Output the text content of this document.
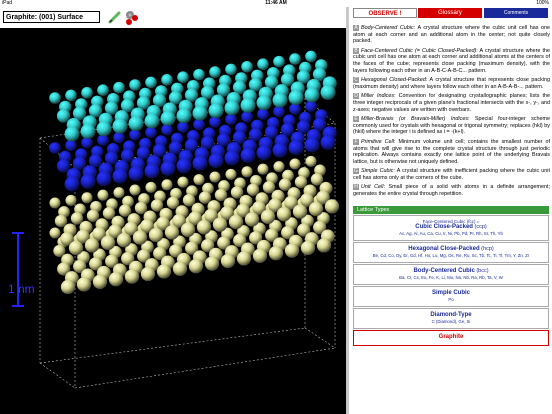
iPad	11:46 AM	100%
Graphite: (001) Surface
1 nm
OBSERVE !	Glossary	Comments
A Body-Centered Cubic: A crystal structure where the cubic unit cell has one atom at each corner and an additional atom in the center; not quite closely packed.
B Face-Centered Cubic (= Cubic Closed-Packed): A crystal structure where the cubic unit cell has one atom at each corner and additional atoms at the centers of the faces of the cube; represents close packing (maximum density), with the layers following each other in an A-B-C-A-B-C... pattern.
C Hexagonal Closed-Packed: A crystal structure that represents close packing (maximum density) and where layers follow each other in an A-B-A-B-... pattern.
D Miller Indices: Convention for designating crystallographic planes; lists the three integer reciprocals of a given plane's fractional intersects with the x-, y-, and z-axes; negative values are written with overbars.
E Miller-Bravais (or Bravais-Miller) Indices: Special four-integer scheme commonly used for crystals with hexagonal or trigonal symmetry; replaces (hkl) by (hkil) where the integer i is defined as i = -(k+l).
F Primitive Cell: Minimum volume unit cell; contains the smallest number of atoms that will give rise to the complete crystal structure through just periodic replication. Always contains exactly one lattice point of the underlying Bravais lattice, but is otherwise not uniquely defined.
G Simple Cubic: A crystal structure with inefficient packing where the cubic unit cell has atoms only at the corners of the cube.
H Unit Cell: Small piece of a solid with atoms in a definite arrangement; generates the entire crystal through repetition.
Lattice Types
Face-Centered Cubic (fcc) =
Cubic Close-Packed (ccp)
Ac, Ag, Al, Au, Ca, Cu, Ir, Ni, Pb, Pd, Pr, Rh, Sr, Th, Yb
Hexagonal Close-Packed (hcp)
Be, Cd, Co, Dy, Er, Gd, Hf, Ho, Lu, Mg, Os, Re, Ru, Sc, Tb, Tc, Ti, Tl, Tm, Y, Zn, Zr
Body-Centered Cubic (bcc)
Ba, Cr, Cs, Eu, Fe, K, Li, Mo, Na, Nb, Ra, Rb, Ta, V, W
Simple Cubic
Po
Diamond-Type
C (Diamond), Ge, Si
Graphite
